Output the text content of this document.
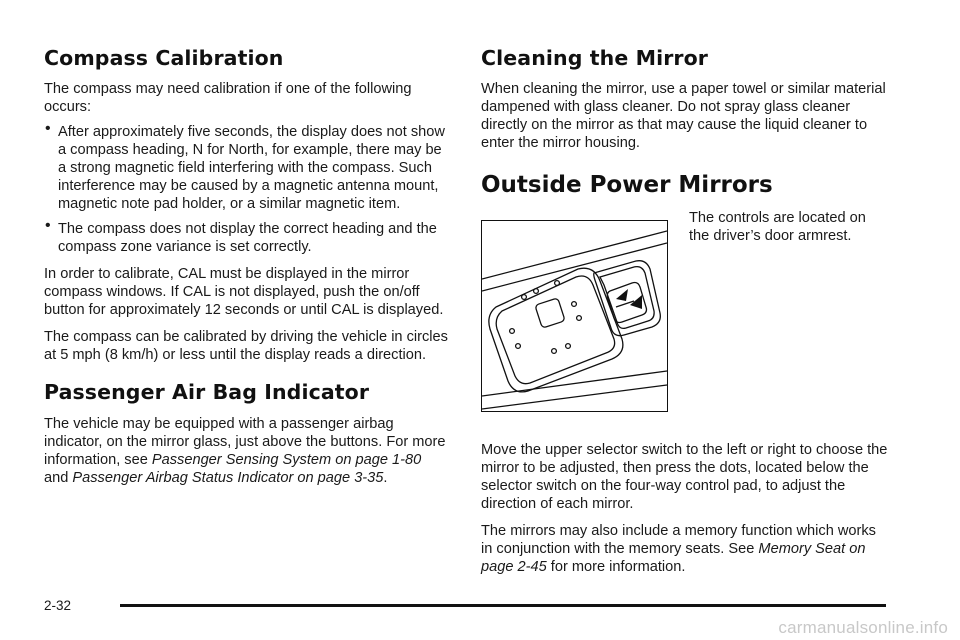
Compass Calibration

The compass may need calibration if one of the following occurs:

• After approximately five seconds, the display does not show a compass heading, N for North, for example, there may be a strong magnetic field interfering with the compass. Such interference may be caused by a magnetic antenna mount, magnetic note pad holder, or a similar magnetic item.
• The compass does not display the correct heading and the compass zone variance is set correctly.

In order to calibrate, CAL must be displayed in the mirror compass windows. If CAL is not displayed, push the on/off button for approximately 12 seconds or until CAL is displayed.

The compass can be calibrated by driving the vehicle in circles at 5 mph (8 km/h) or less until the display reads a direction.

Passenger Air Bag Indicator

The vehicle may be equipped with a passenger airbag indicator, on the mirror glass, just above the buttons. For more information, see Passenger Sensing System on page 1-80 and Passenger Airbag Status Indicator on page 3-35.

Cleaning the Mirror

When cleaning the mirror, use a paper towel or similar material dampened with glass cleaner. Do not spray glass cleaner directly on the mirror as that may cause the liquid cleaner to enter the mirror housing.

Outside Power Mirrors

The controls are located on the driver’s door armrest.

Move the upper selector switch to the left or right to choose the mirror to be adjusted, then press the dots, located below the selector switch on the four-way control pad, to adjust the direction of each mirror.

The mirrors may also include a memory function which works in conjunction with the memory seats. See Memory Seat on page 2-45 for more information.

2-32
carmanualsonline.info
